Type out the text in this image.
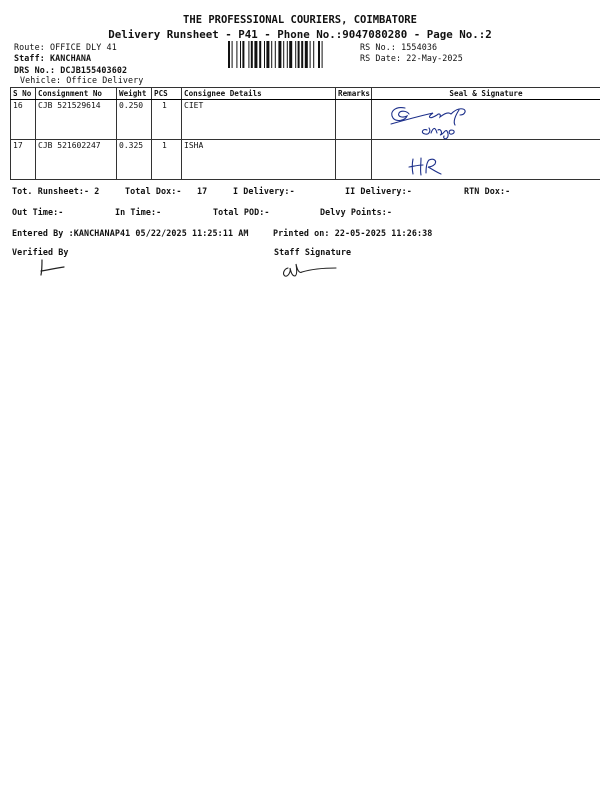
THE PROFESSIONAL COURIERS, COIMBATORE
Delivery Runsheet - P41 - Phone No.:9047080280 - Page No.:2
Route: OFFICE DLY 41
Staff: KANCHANA
DRS No.: DCJB155403602
Vehicle: Office Delivery
RS No.: 1554036
RS Date: 22-May-2025
S No	Consignment No	Weight	PCS	Consignee Details	Remarks	Seal & Signature
16	CJB 521529614	0.250	1	CIET		
17	CJB 521602247	0.325	1	ISHA		
Tot. Runsheet:- 2	Total Dox:- 17	I Delivery:-	II Delivery:-	RTN Dox:-
Out Time:-	In Time:-	Total POD:-	Delvy Points:-
Entered By :KANCHANAP41 05/22/2025 11:25:11 AM	Printed on: 22-05-2025 11:26:38
Verified By	Staff Signature
